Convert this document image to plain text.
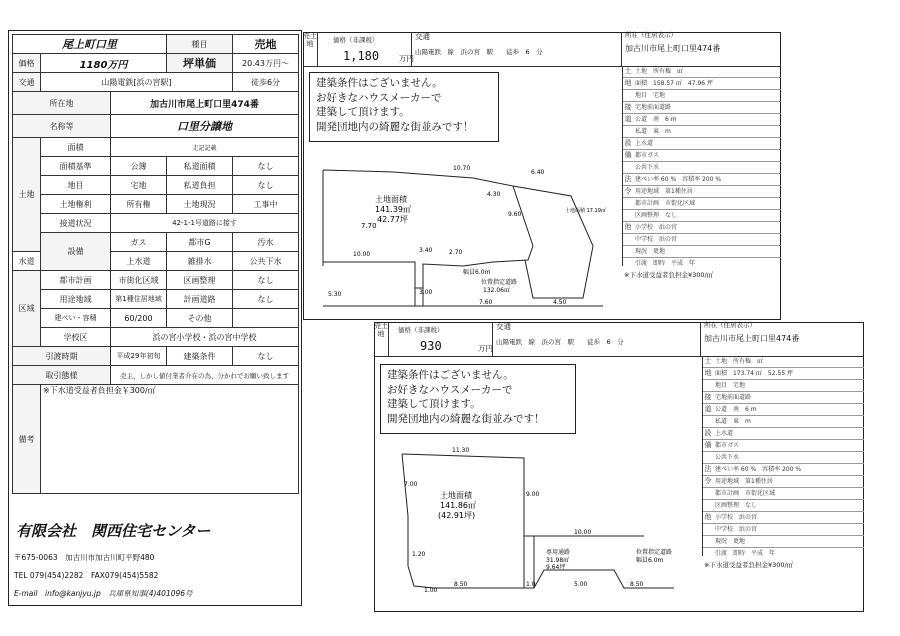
尾上町口里			種目	売地	
価格	1180万円		坪単価	20.43万円～	
交通	山陽電鉄[浜の宮駅]			徒歩6分	
所在地		加古川市尾上町口里474番			
名称等		口里分譲地			
土地	面積	走記記載			
	面積基準	公簿	私道面積	なし	
	地目	宅地	私道負担	なし	
	土地権利	所有権	土地現況	工事中	
	接道状況	42-1-1号道路に接す			
	設備	ガス	都市G	汚水	
水道		上水道	雑排水	公共下水	
区域	都市計画	市街化区域	区画整理	なし	
	用途地域	第1種住居地域	計画道路	なし	
	建ぺい・容積	60/200	その他		
	学校区	浜の宮小学校・浜の宮中学校			
引渡時期		平成29年初旬	建築条件	なし	
取引態様		売主、しかし値付業者介在の為、分かれでお願い致します			
備考	※下水道受益者負担金￥300/㎡				
有限会社　関西住宅センター
〒675-0063　加古川市加古川町平野480
TEL 079(454)2282　FAX079(454)5582
E-mail　info@kanjyu.jp　兵庫県知事(4)401096号
売土地
価格（非課税）
1,180	万円
交通
山陽電鉄　線　浜の宮　駅　　徒歩　6　分
所在（住居表示）
加古川市尾上町口里474番
建築条件はございません。
お好きなハウスメーカーで
建築して頂けます。
開発団地内の綺麗な街並みです！
7.70
10.70
6.40
9.60
4.30
3.40	2.70
10.00
3.00
7.60	4.50
5.30
土地面積
141.39㎡
42.77坪
位置指定道路
132.06㎡
幅員6.0m
土地面積 17.19㎡
※下水道受益者負担金¥300/㎡
土 土地　所有権　㎡
地 面積　158.57 ㎡　47.96 坪
地目　宅地
接 宅地前面道路
道 公道　南　6 m
私道　東　m
設 上水道
備 都市ガス
公共下水
法 建ぺい率 60 %　容積率 200 %
令 用途地域　第1種住居
都市計画　市街化区域
区画整理　なし
他 小学校　浜の宮
中学校　浜の宮
現況　更地
引渡　即時　平成　年
売土地
価格（非課税）
930	万円
交通
山陽電鉄　線　浜の宮　駅　　徒歩　6　分
所在（住居表示）
加古川市尾上町口里474番
建築条件はございません。
お好きなハウスメーカーで
建築して頂けます。
開発団地内の綺麗な街並みです！
11.30
7.00
9.00
1.20
10.00
8.50	1.0	5.00	8.50
1.00
土地面積
141.86㎡
(42.91坪)
専用通路
31.98㎡
9.64坪
位置指定道路
幅員6.0m
※下水道受益者負担金¥300/㎡
土 土地　所有権　㎡
地 面積　173.74 ㎡　52.55 坪
地目　宅地
接 宅地前面道路
道 公道　南　6 m
私道　東　m
設 上水道
備 都市ガス
公共下水
法 建ぺい率 60 %　容積率 200 %
令 用途地域　第1種住居
都市計画　市街化区域
区画整理　なし
他 小学校　浜の宮
中学校　浜の宮
現況　更地
引渡　即時　平成　年
